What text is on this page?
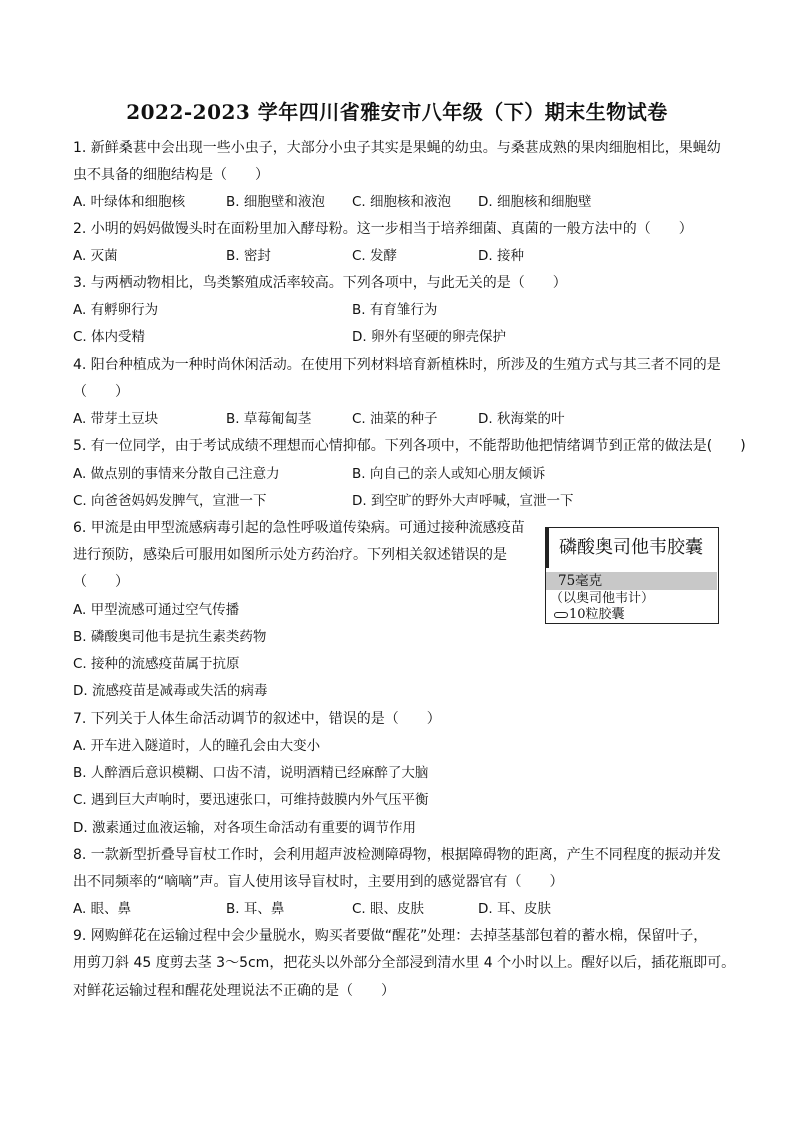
2022-2023 学年四川省雅安市八年级（下）期末生物试卷
1. 新鲜桑葚中会出现一些小虫子，大部分小虫子其实是果蝇的幼虫。与桑葚成熟的果肉细胞相比，果蝇幼
虫不具备的细胞结构是（　　）
A. 叶绿体和细胞核	B. 细胞壁和液泡 C. 细胞核和液泡 D. 细胞核和细胞壁
2. 小明的妈妈做馒头时在面粉里加入酵母粉。这一步相当于培养细菌、真菌的一般方法中的（　　）
A. 灭菌	B. 密封	C. 发酵	D. 接种
3. 与两栖动物相比，鸟类繁殖成活率较高。下列各项中，与此无关的是（　　）
A. 有孵卵行为	B. 有育雏行为
C. 体内受精	D. 卵外有坚硬的卵壳保护
4. 阳台种植成为一种时尚休闲活动。在使用下列材料培育新植株时，所涉及的生殖方式与其三者不同的是
（　　）
A. 带芽土豆块	B. 草莓匍匐茎	C. 油菜的种子	D. 秋海棠的叶
5. 有一位同学，由于考试成绩不理想而心情抑郁。下列各项中，不能帮助他把情绪调节到正常的做法是(　　)
A. 做点别的事情来分散自己注意力	B. 向自己的亲人或知心朋友倾诉
C. 向爸爸妈妈发脾气，宣泄一下	D. 到空旷的野外大声呼喊，宣泄一下
6. 甲流是由甲型流感病毒引起的急性呼吸道传染病。可通过接种流感疫苗
进行预防，感染后可服用如图所示处方药治疗。下列相关叙述错误的是
（　　）
A. 甲型流感可通过空气传播
B. 磷酸奥司他韦是抗生素类药物
C. 接种的流感疫苗属于抗原
D. 流感疫苗是减毒或失活的病毒
磷酸奥司他韦胶囊
75毫克
（以奥司他韦计）
10粒胶囊
7. 下列关于人体生命活动调节的叙述中，错误的是（　　）
A. 开车进入隧道时，人的瞳孔会由大变小
B. 人醉酒后意识模糊、口齿不清，说明酒精已经麻醉了大脑
C. 遇到巨大声响时，要迅速张口，可维持鼓膜内外气压平衡
D. 激素通过血液运输，对各项生命活动有重要的调节作用
8. 一款新型折叠导盲杖工作时，会利用超声波检测障碍物，根据障碍物的距离，产生不同程度的振动并发
出不同频率的“嘀嘀”声。盲人使用该导盲杖时，主要用到的感觉器官有（　　）
A. 眼、鼻	B. 耳、鼻	C. 眼、皮肤	D. 耳、皮肤
9. 网购鲜花在运输过程中会少量脱水，购买者要做“醒花”处理：去掉茎基部包着的蓄水棉，保留叶子，
用剪刀斜 45 度剪去茎 3～5cm，把花头以外部分全部浸到清水里 4 个小时以上。醒好以后，插花瓶即可。
对鲜花运输过程和醒花处理说法不正确的是（　　）
